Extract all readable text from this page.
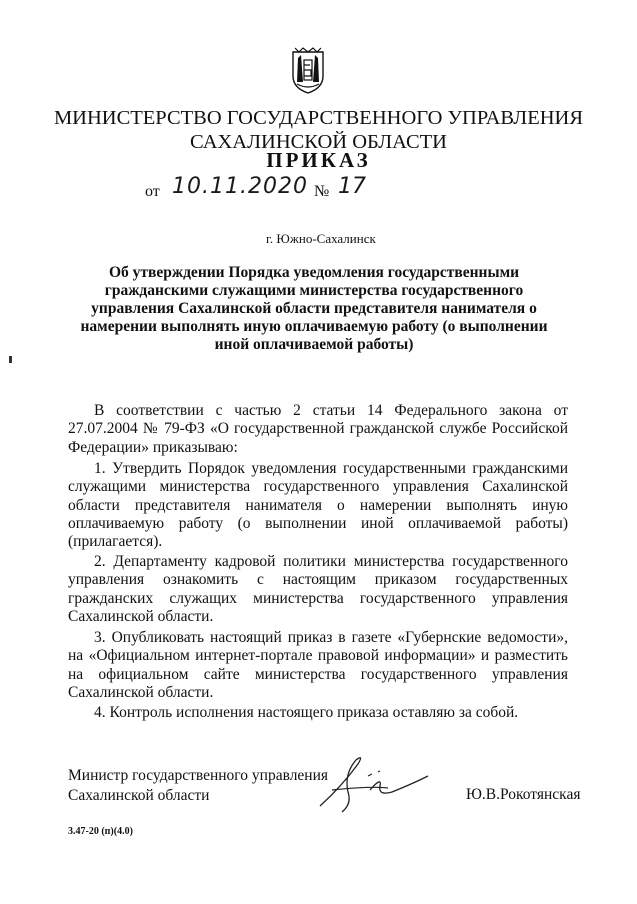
МИНИСТЕРСТВО ГОСУДАРСТВЕННОГО УПРАВЛЕНИЯ
САХАЛИНСКОЙ ОБЛАСТИ
ПРИКАЗ
от 10.11.2020 № 17
г. Южно-Сахалинск
Об утверждении Порядка уведомления государственными гражданскими служащими министерства государственного управления Сахалинской области представителя нанимателя о намерении выполнять иную оплачиваемую работу (о выполнении иной оплачиваемой работы)
В соответствии с частью 2 статьи 14 Федерального закона от 27.07.2004 № 79-ФЗ «О государственной гражданской службе Российской Федерации» приказываю:
1. Утвердить Порядок уведомления государственными гражданскими служащими министерства государственного управления Сахалинской области представителя нанимателя о намерении выполнять иную оплачиваемую работу (о выполнении иной оплачиваемой работы) (прилагается).
2. Департаменту кадровой политики министерства государственного управления ознакомить с настоящим приказом государственных гражданских служащих министерства государственного управления Сахалинской области.
3. Опубликовать настоящий приказ в газете «Губернские ведомости», на «Официальном интернет-портале правовой информации» и разместить на официальном сайте министерства государственного управления Сахалинской области.
4. Контроль исполнения настоящего приказа оставляю за собой.
Министр государственного управления
Сахалинской области	Ю.В.Рокотянская
3.47-20 (п)(4.0)
